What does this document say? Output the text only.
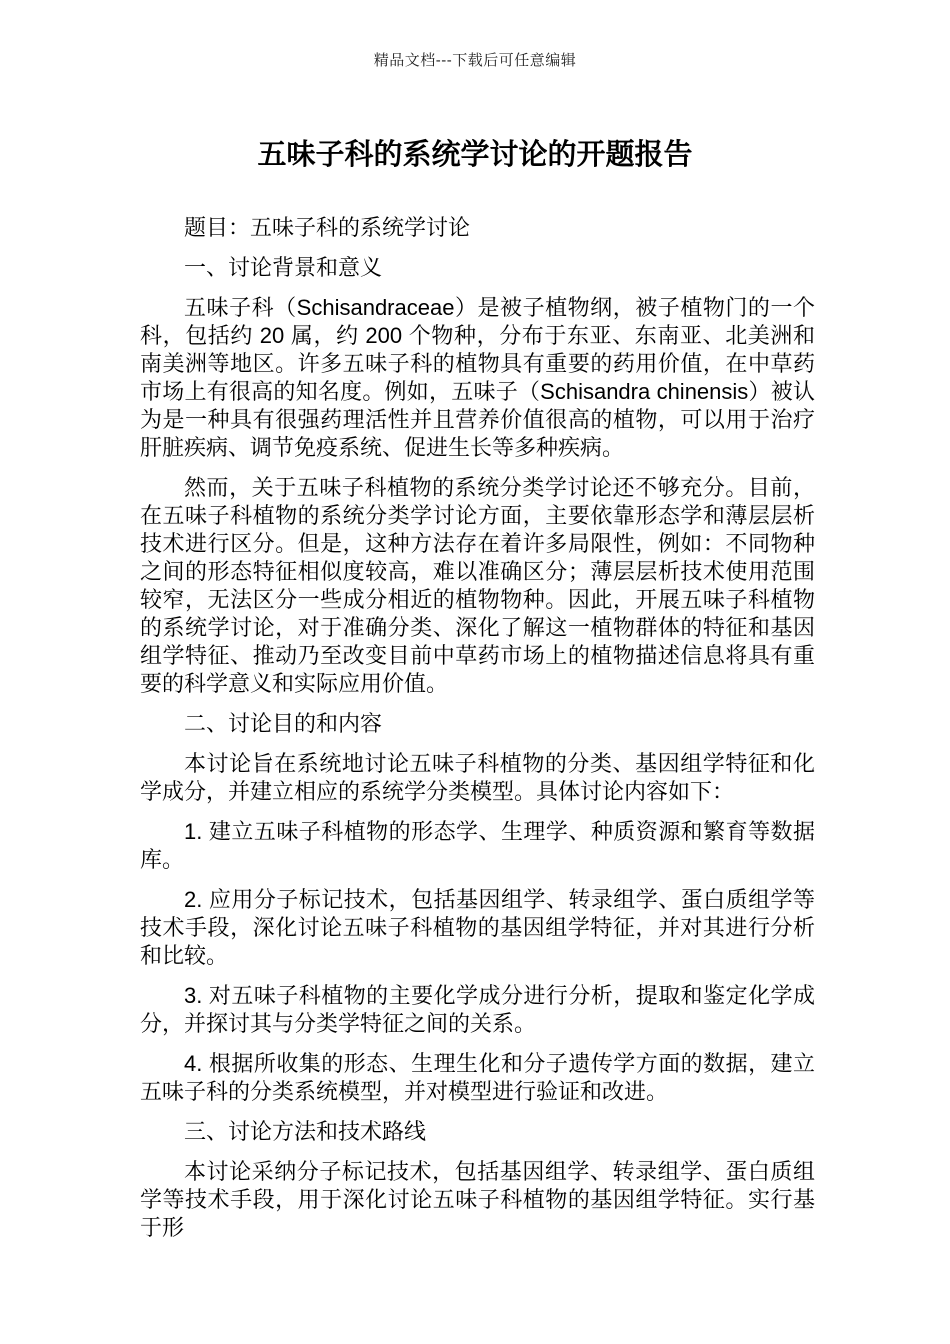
精品文档---下载后可任意编辑
五味子科的系统学讨论的开题报告

题目：五味子科的系统学讨论

一、讨论背景和意义

五味子科（Schisandraceae）是被子植物纲，被子植物门的一个科，包括约 20 属，约 200 个物种，分布于东亚、东南亚、北美洲和南美洲等地区。许多五味子科的植物具有重要的药用价值，在中草药市场上有很高的知名度。例如，五味子（Schisandra chinensis）被认为是一种具有很强药理活性并且营养价值很高的植物，可以用于治疗肝脏疾病、调节免疫系统、促进生长等多种疾病。

然而，关于五味子科植物的系统分类学讨论还不够充分。目前，在五味子科植物的系统分类学讨论方面，主要依靠形态学和薄层层析技术进行区分。但是，这种方法存在着许多局限性，例如：不同物种之间的形态特征相似度较高，难以准确区分；薄层层析技术使用范围较窄，无法区分一些成分相近的植物物种。因此，开展五味子科植物的系统学讨论，对于准确分类、深化了解这一植物群体的特征和基因组学特征、推动乃至改变目前中草药市场上的植物描述信息将具有重要的科学意义和实际应用价值。

二、讨论目的和内容

本讨论旨在系统地讨论五味子科植物的分类、基因组学特征和化学成分，并建立相应的系统学分类模型。具体讨论内容如下：

1. 建立五味子科植物的形态学、生理学、种质资源和繁育等数据库。

2. 应用分子标记技术，包括基因组学、转录组学、蛋白质组学等技术手段，深化讨论五味子科植物的基因组学特征，并对其进行分析和比较。

3. 对五味子科植物的主要化学成分进行分析，提取和鉴定化学成分，并探讨其与分类学特征之间的关系。

4. 根据所收集的形态、生理生化和分子遗传学方面的数据，建立五味子科的分类系统模型，并对模型进行验证和改进。

三、讨论方法和技术路线

本讨论采纳分子标记技术，包括基因组学、转录组学、蛋白质组学等技术手段，用于深化讨论五味子科植物的基因组学特征。实行基于形
